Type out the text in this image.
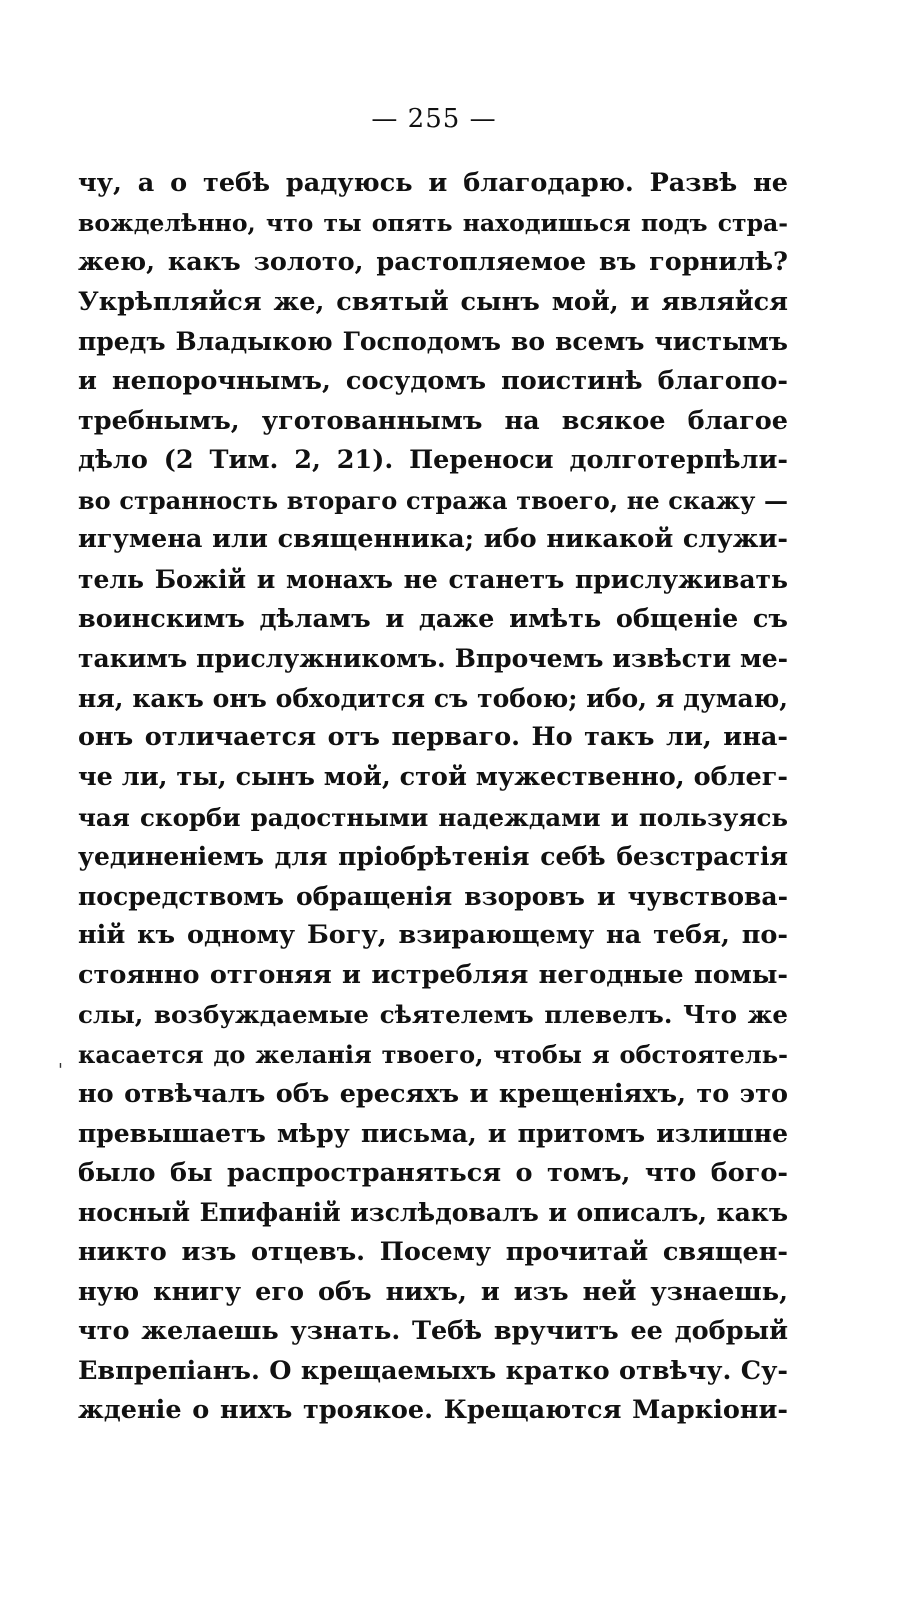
— 255 —
'
чу, а о тебѣ радуюсь и благодарю. Развѣ не
вожделѣнно, что ты опять находишься подъ стра-
жею, какъ золото, растопляемое въ горнилѣ?
Укрѣпляйся же, святый сынъ мой, и являйся
предъ Владыкою Господомъ во всемъ чистымъ
и непорочнымъ, сосудомъ поистинѣ благопо-
требнымъ, уготованнымъ на всякое благое
дѣло (2 Тим. 2, 21). Переноси долготерпѣли-
во странность втораго стража твоего, не скажу —
игумена или священника; ибо никакой служи-
тель Божій и монахъ не станетъ прислуживать
воинскимъ дѣламъ и даже имѣть общеніе съ
такимъ прислужникомъ. Впрочемъ извѣсти ме-
ня, какъ онъ обходится съ тобою; ибо, я думаю,
онъ отличается отъ перваго. Но такъ ли, ина-
че ли, ты, сынъ мой, стой мужественно, облег-
чая скорби радостными надеждами и пользуясь
уединеніемъ для пріобрѣтенія себѣ безстрастія
посредствомъ обращенія взоровъ и чувствова-
ній къ одному Богу, взирающему на тебя, по-
стоянно отгоняя и истребляя негодные помы-
слы, возбуждаемые сѣятелемъ плевелъ. Что же
касается до желанія твоего, чтобы я обстоятель-
но отвѣчалъ объ ересяхъ и крещеніяхъ, то это
превышаетъ мѣру письма, и притомъ излишне
было бы распространяться о томъ, что бого-
носный Епифаній изслѣдовалъ и описалъ, какъ
никто изъ отцевъ. Посему прочитай священ-
ную книгу его объ нихъ, и изъ ней узнаешь,
что желаешь узнать. Тебѣ вручитъ ее добрый
Евпрепіанъ. О крещаемыхъ кратко отвѣчу. Су-
жденіе о нихъ троякое. Крещаются Маркіони-
